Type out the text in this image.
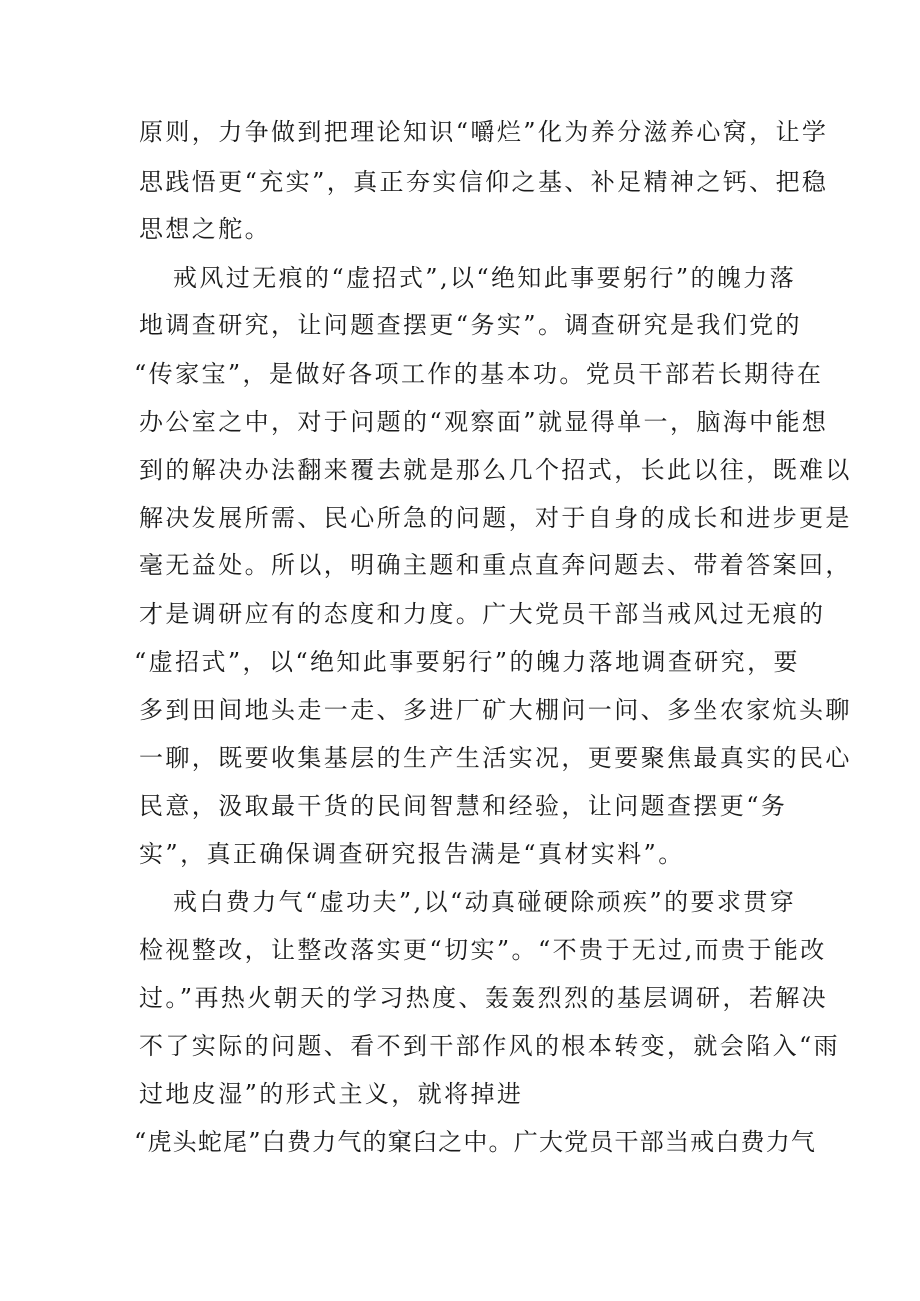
原则，力争做到把理论知识“嚼烂”化为养分滋养心窝，让学
思践悟更“充实”，真正夯实信仰之基、补足精神之钙、把稳
思想之舵。
戒风过无痕的“虚招式”,以“绝知此事要躬行”的魄力落
地调查研究，让问题查摆更“务实”。调查研究是我们党的
“传家宝”，是做好各项工作的基本功。党员干部若长期待在
办公室之中，对于问题的“观察面”就显得单一，脑海中能想
到的解决办法翻来覆去就是那么几个招式，长此以往，既难以
解决发展所需、民心所急的问题，对于自身的成长和进步更是
毫无益处。所以，明确主题和重点直奔问题去、带着答案回，
才是调研应有的态度和力度。广大党员干部当戒风过无痕的
“虚招式”，以“绝知此事要躬行”的魄力落地调查研究，要
多到田间地头走一走、多进厂矿大棚问一问、多坐农家炕头聊
一聊，既要收集基层的生产生活实况，更要聚焦最真实的民心
民意，汲取最干货的民间智慧和经验，让问题查摆更“务
实”，真正确保调查研究报告满是“真材实料”。
戒白费力气“虚功夫”,以“动真碰硬除顽疾”的要求贯穿
检视整改，让整改落实更“切实”。“不贵于无过,而贵于能改
过。”再热火朝天的学习热度、轰轰烈烈的基层调研，若解决
不了实际的问题、看不到干部作风的根本转变，就会陷入“雨
过地皮湿”的形式主义，就将掉进
“虎头蛇尾”白费力气的窠臼之中。广大党员干部当戒白费力气
